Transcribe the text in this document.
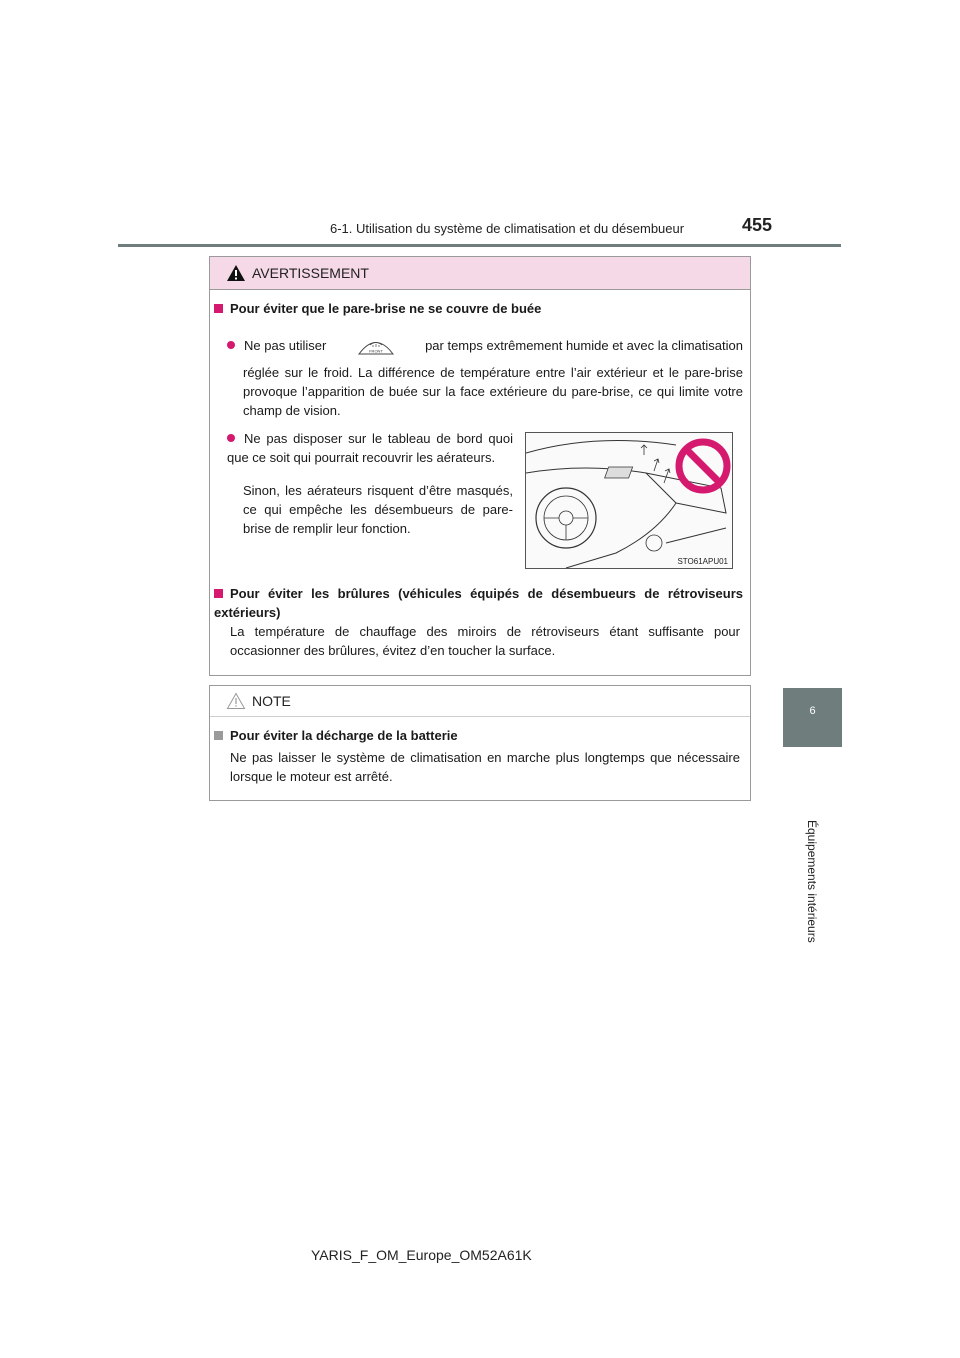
6-1. Utilisation du système de climatisation et du désembueur	455
6
Équipements intérieurs
AVERTISSEMENT
Pour éviter que le pare-brise ne se couvre de buée
Ne pas utiliser	FRONT	par temps extrêmement humide et avec la climatisation
réglée sur le froid. La différence de température entre l’air extérieur et le pare-brise provoque l’apparition de buée sur la face extérieure du pare-brise, ce qui limite votre champ de vision.
Ne pas disposer sur le tableau de bord quoi que ce soit qui pourrait recouvrir les aérateurs.
Sinon, les aérateurs risquent d’être masqués, ce qui empêche les désembueurs de pare-brise de remplir leur fonction.
STO61APU01
Pour éviter les brûlures (véhicules équipés de désembueurs de rétroviseurs extérieurs)
La température de chauffage des miroirs de rétroviseurs étant suffisante pour occasionner des brûlures, évitez d’en toucher la surface.
NOTE
Pour éviter la décharge de la batterie
Ne pas laisser le système de climatisation en marche plus longtemps que nécessaire lorsque le moteur est arrêté.
YARIS_F_OM_Europe_OM52A61K
